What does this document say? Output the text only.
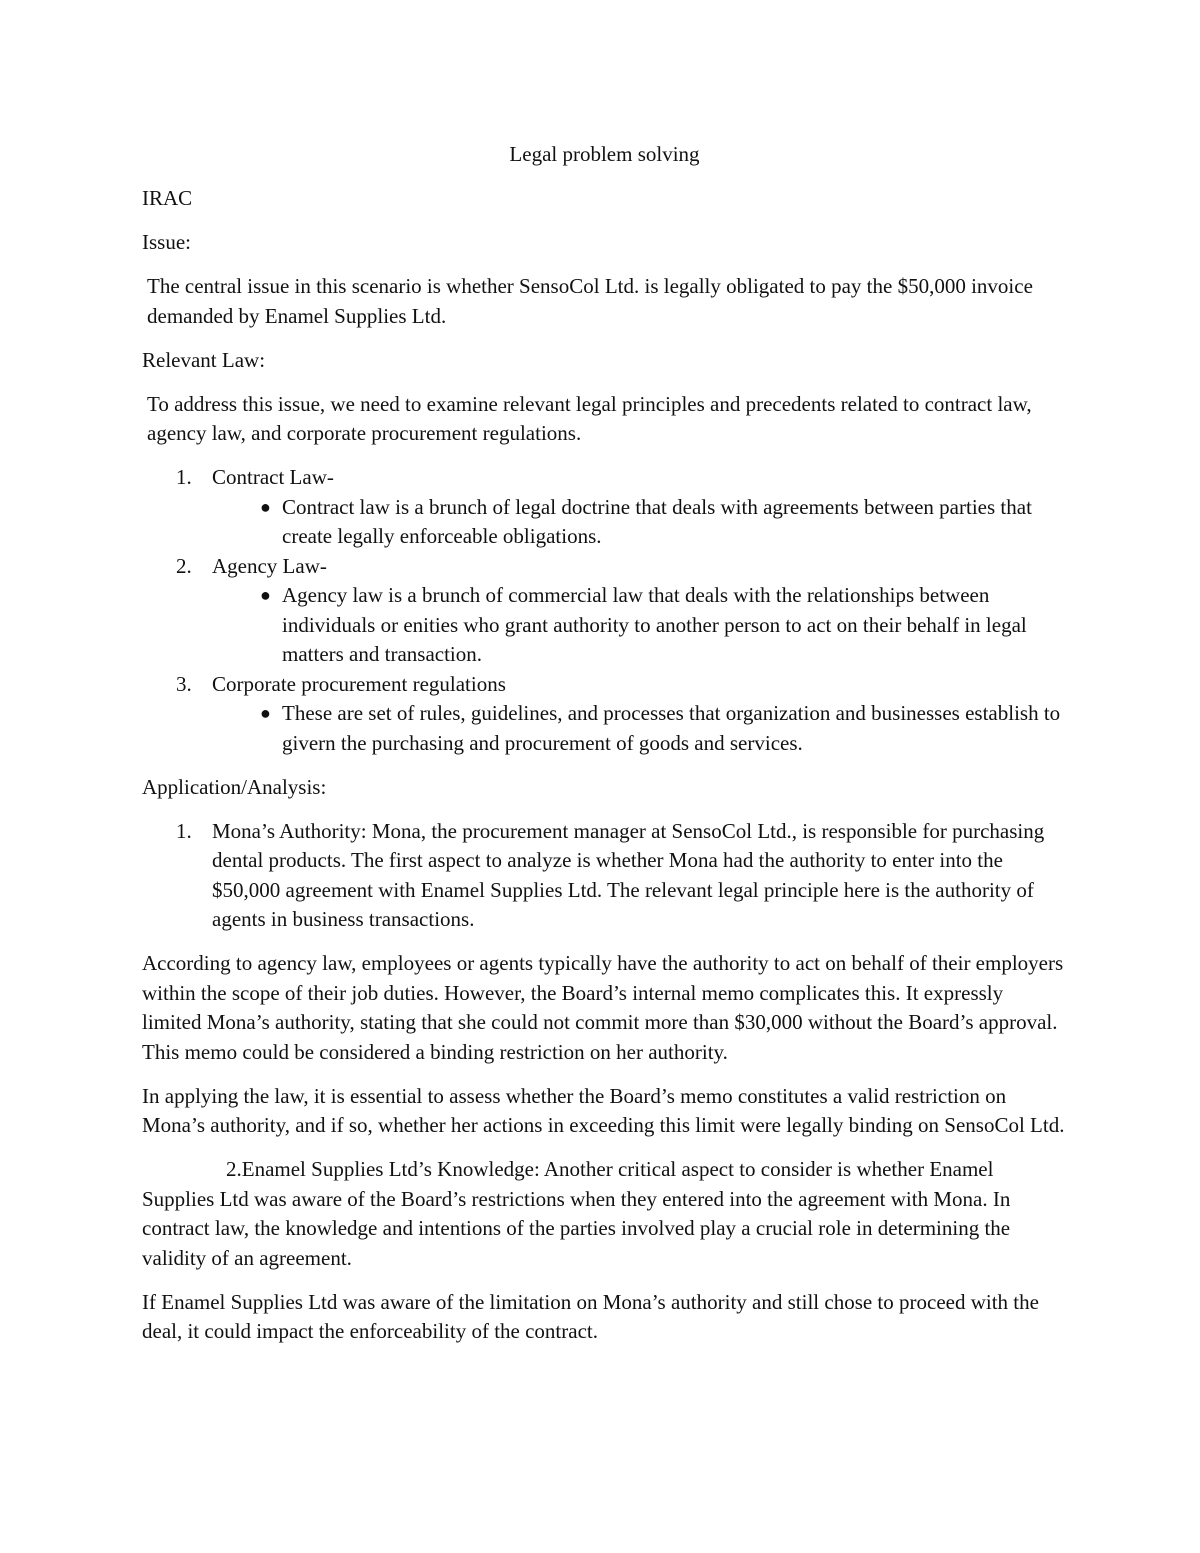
Legal problem solving

IRAC

Issue:

The central issue in this scenario is whether SensoCol Ltd. is legally obligated to pay the $50,000 invoice demanded by Enamel Supplies Ltd.

Relevant Law:

To address this issue, we need to examine relevant legal principles and precedents related to contract law, agency law, and corporate procurement regulations.

1. Contract Law-
● Contract law is a brunch of legal doctrine that deals with agreements between parties that create legally enforceable obligations.
2. Agency Law-
● Agency law is a brunch of commercial law that deals with the relationships between individuals or enities who grant authority to another person to act on their behalf in legal matters and transaction.
3. Corporate procurement regulations
● These are set of rules, guidelines, and processes that organization and businesses establish to givern the purchasing and procurement of goods and services.

Application/Analysis:

1. Mona’s Authority: Mona, the procurement manager at SensoCol Ltd., is responsible for purchasing dental products. The first aspect to analyze is whether Mona had the authority to enter into the $50,000 agreement with Enamel Supplies Ltd. The relevant legal principle here is the authority of agents in business transactions.

According to agency law, employees or agents typically have the authority to act on behalf of their employers within the scope of their job duties. However, the Board’s internal memo complicates this. It expressly limited Mona’s authority, stating that she could not commit more than $30,000 without the Board’s approval. This memo could be considered a binding restriction on her authority.

In applying the law, it is essential to assess whether the Board’s memo constitutes a valid restriction on Mona’s authority, and if so, whether her actions in exceeding this limit were legally binding on SensoCol Ltd.

2.Enamel Supplies Ltd’s Knowledge: Another critical aspect to consider is whether Enamel Supplies Ltd was aware of the Board’s restrictions when they entered into the agreement with Mona. In contract law, the knowledge and intentions of the parties involved play a crucial role in determining the validity of an agreement.

If Enamel Supplies Ltd was aware of the limitation on Mona’s authority and still chose to proceed with the deal, it could impact the enforceability of the contract.
